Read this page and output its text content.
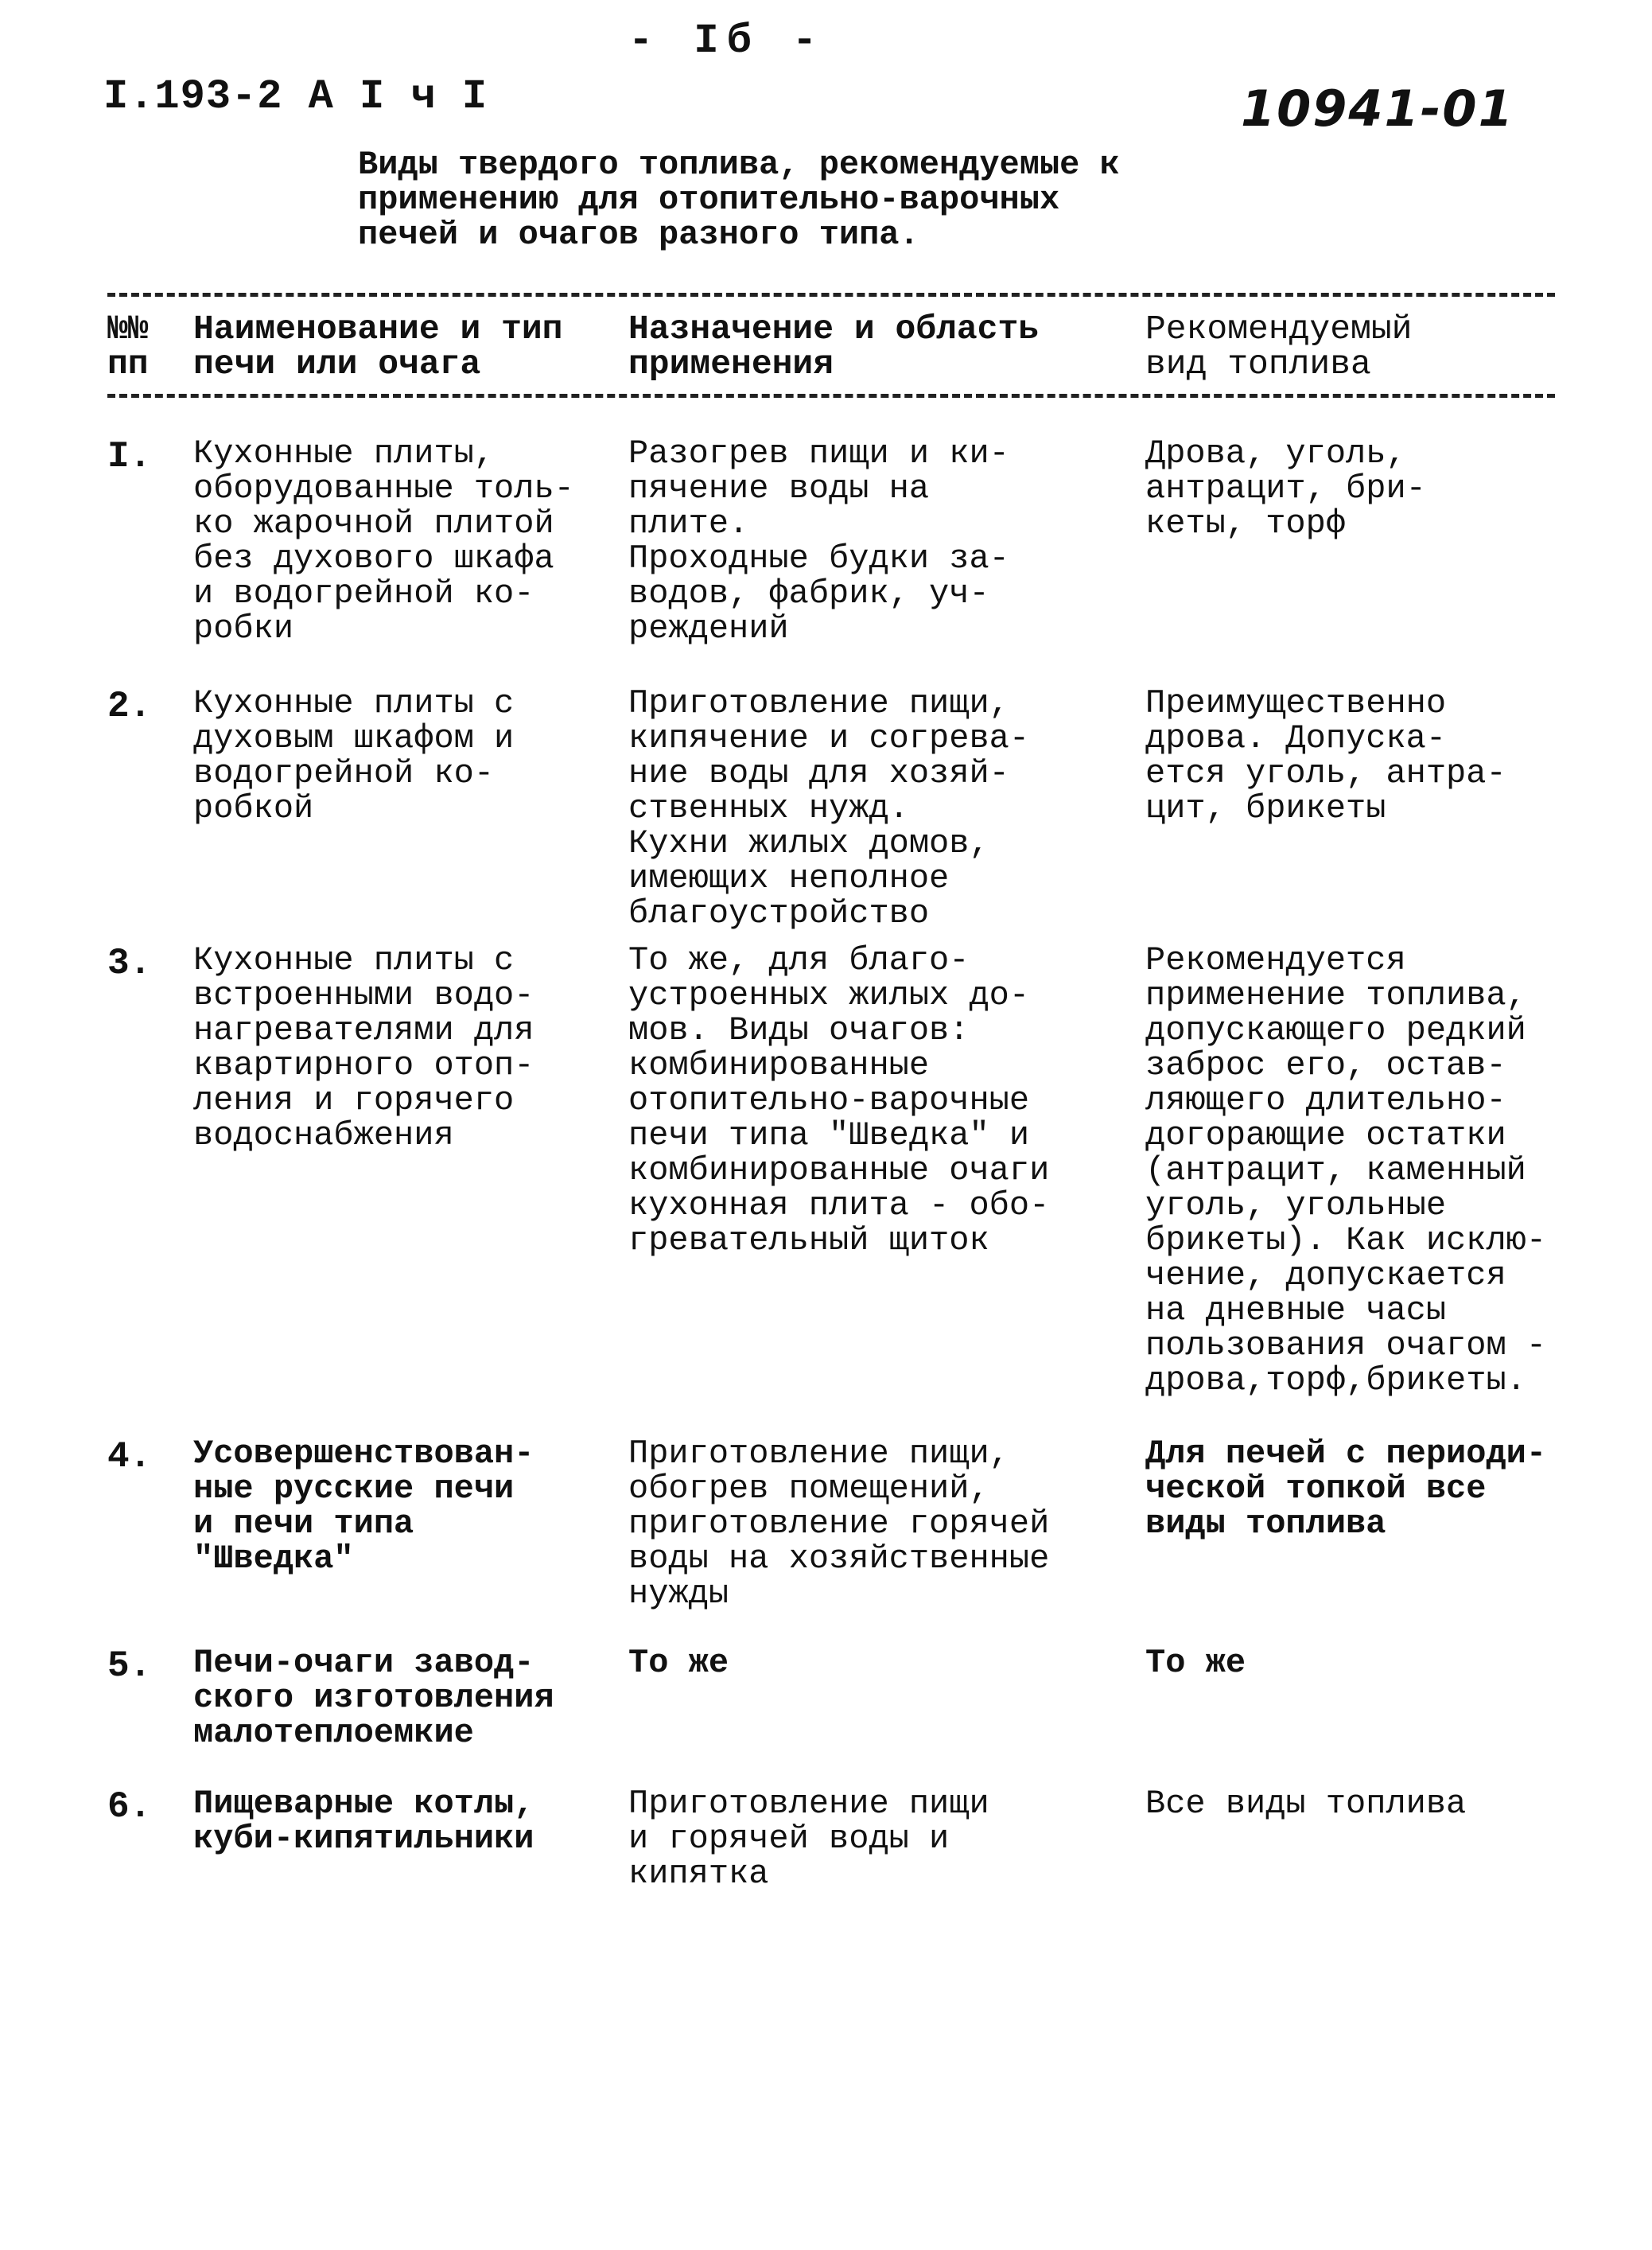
- Iб -
I.193-2 А I ч I	10941-01
Виды твердого топлива, рекомендуемые к
применению для отопительно-варочных
печей и очагов разного типа.
№№
пп
Наименование и тип
печи или очага
Назначение и область
применения
Рекомендуемый
вид топлива
I. Кухонные плиты,
оборудованные толь-
ко жарочной плитой
без духового шкафа
и водогрейной ко-
робки
Разогрев пищи и ки-
пячение воды на
плите.
Проходные будки за-
водов, фабрик, уч-
реждений
Дрова, уголь,
антрацит, бри-
кеты, торф
2. Кухонные плиты с
духовым шкафом и
водогрейной ко-
робкой
Приготовление пищи,
кипячение и согрева-
ние воды для хозяй-
ственных нужд.
Кухни жилых домов,
имеющих неполное
благоустройство
Преимущественно
дрова. Допуска-
ется уголь, антра-
цит, брикеты
3. Кухонные плиты с
встроенными водо-
нагревателями для
квартирного отоп-
ления и горячего
водоснабжения
То же, для благо-
устроенных жилых до-
мов. Виды очагов:
комбинированные
отопительно-варочные
печи типа "Шведка" и
комбинированные очаги
кухонная плита - обо-
гревательный щиток
Рекомендуется
применение топлива,
допускающего редкий
заброс его, остав-
ляющего длительно-
догорающие остатки
(антрацит, каменный
уголь, угольные
брикеты). Как исклю-
чение, допускается
на дневные часы
пользования очагом -
дрова,торф,брикеты.
4. Усовершенствован-
ные русские печи
и печи типа
"Шведка"
Приготовление пищи,
обогрев помещений,
приготовление горячей
воды на хозяйственные
нужды
Для печей с периоди-
ческой топкой все
виды топлива
5. Печи-очаги завод-
ского изготовления
малотеплоемкие
То же	То же
6. Пищеварные котлы,
куби-кипятильники
Приготовление пищи
и горячей воды и
кипятка
Все виды топлива
